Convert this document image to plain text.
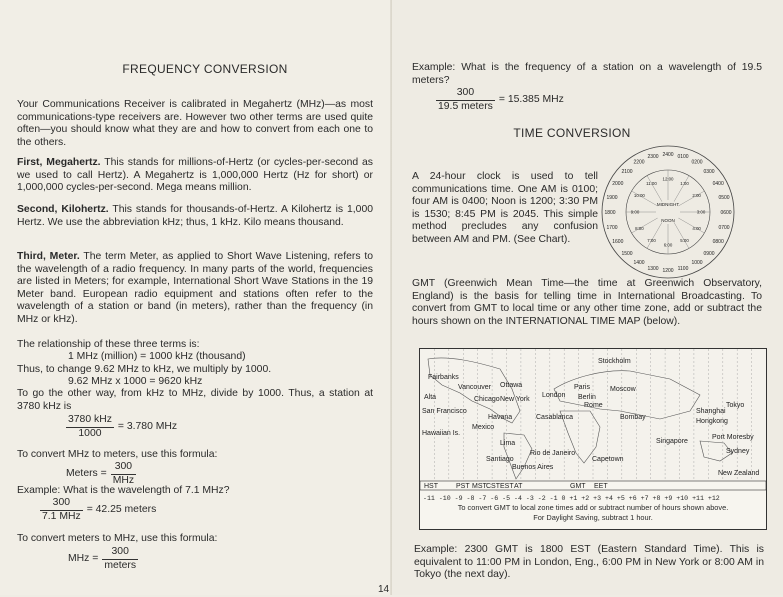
FREQUENCY CONVERSION

Your Communications Receiver is calibrated in Megahertz (MHz)—as most communications-type receivers are. However two other terms are used quite often—you should know what they are and how to convert from each one to the others.

First, Megahertz. This stands for millions-of-Hertz (or cycles-per-second as we used to call Hertz). A Megahertz is 1,000,000 Hertz (Hz for short) or 1,000,000 cycles-per-second. Mega means million.

Second, Kilohertz. This stands for thousands-of-Hertz. A Kilohertz is 1,000 Hertz. We use the abbreviation kHz; thus, 1 kHz. Kilo means thousand.

Third, Meter. The term Meter, as applied to Short Wave Listening, refers to the wavelength of a radio frequency. In many parts of the world, frequencies are listed in Meters; for example, International Short Wave Stations in the 19 Meter band. European radio equipment and stations often refer to the wavelength of a station or band (in meters), rather than the frequency (in MHz or kHz).

The relationship of these three terms is:

1 MHz (million) = 1000 kHz (thousand)

Thus, to change 9.62 MHz to kHz, we multiply by 1000.

9.62 MHz x 1000 = 9620 kHz

To go the other way, from kHz to MHz, divide by 1000. Thus, a station at 3780 kHz is

$\frac{\text{3780 kHz}}{1000} = 3.780$ MHz

To convert MHz to meters, use this formula:

Meters = $\frac{300}{\text{MHz}}$

Example: What is the wavelength of 7.1 MHz?

$\frac{300}{\text{7.1 MHz}} = 42.25$ meters

To convert meters to MHz, use this formula:

MHz = $\frac{300}{\text{meters}}$

Example: What is the frequency of a station on a wavelength of 19.5 meters?

$\frac{300}{\text{19.5 meters}} = 15.385$ MHz
TIME CONVERSION

A 24-hour clock is used to tell communications time. One AM is 0100; four AM is 0400; Noon is 1200; 3:30 PM is 1530; 8:45 PM is 2045. This simple method precludes any confusion between AM and PM. (See Chart).

2400 0100
0200
0300
0400
0500
0600
0700
0800
0900
1000
1100
1200
1300
1400
1500
1600
1700
1800
1900
2000
2100
2200
2300
12:00
1:00
2:00
3:00
4:00
5:00
6:00
7:00
8:00
9:00
10:00
11:00
MIDNIGHT
NOON

GMT (Greenwich Mean Time—the time at Greenwich Observatory, England) is the basis for telling time in International Broadcasting. To convert from GMT to local time or any other time zone, add or subtract the hours shown on the INTERNATIONAL TIME MAP (below).

Stockholm
Fairbanks
Vancouver Ottawa	Paris	Moscow
Alta	Chicago New York
London Berlin
Rome	Tokyo
San Francisco
Havana	Casablanca	Bombay
Shanghai
Hongkong
Mexico
Hawaiian Is.
Singapore
Port Moresby
Lima
Rio de Janeiro	Sydney
Santiago	Capetown
Buenos Aires
New Zealand
HST	PST MST CST EST AT	GMT EET
-11 -10 -9 -8 -7 -6 -5 -4 -3 -2 -1 0 +1 +2 +3 +4 +5 +6 +7 +8 +9 +10 +11 +12
To convert GMT to local zone times add or subtract number of hours shown above.
For Daylight Saving, subtract 1 hour.

Example: 2300 GMT is 1800 EST (Eastern Standard Time). This is equivalent to 11:00 PM in London, Eng., 6:00 PM in New York or 8:00 AM in Tokyo (the next day).

14
